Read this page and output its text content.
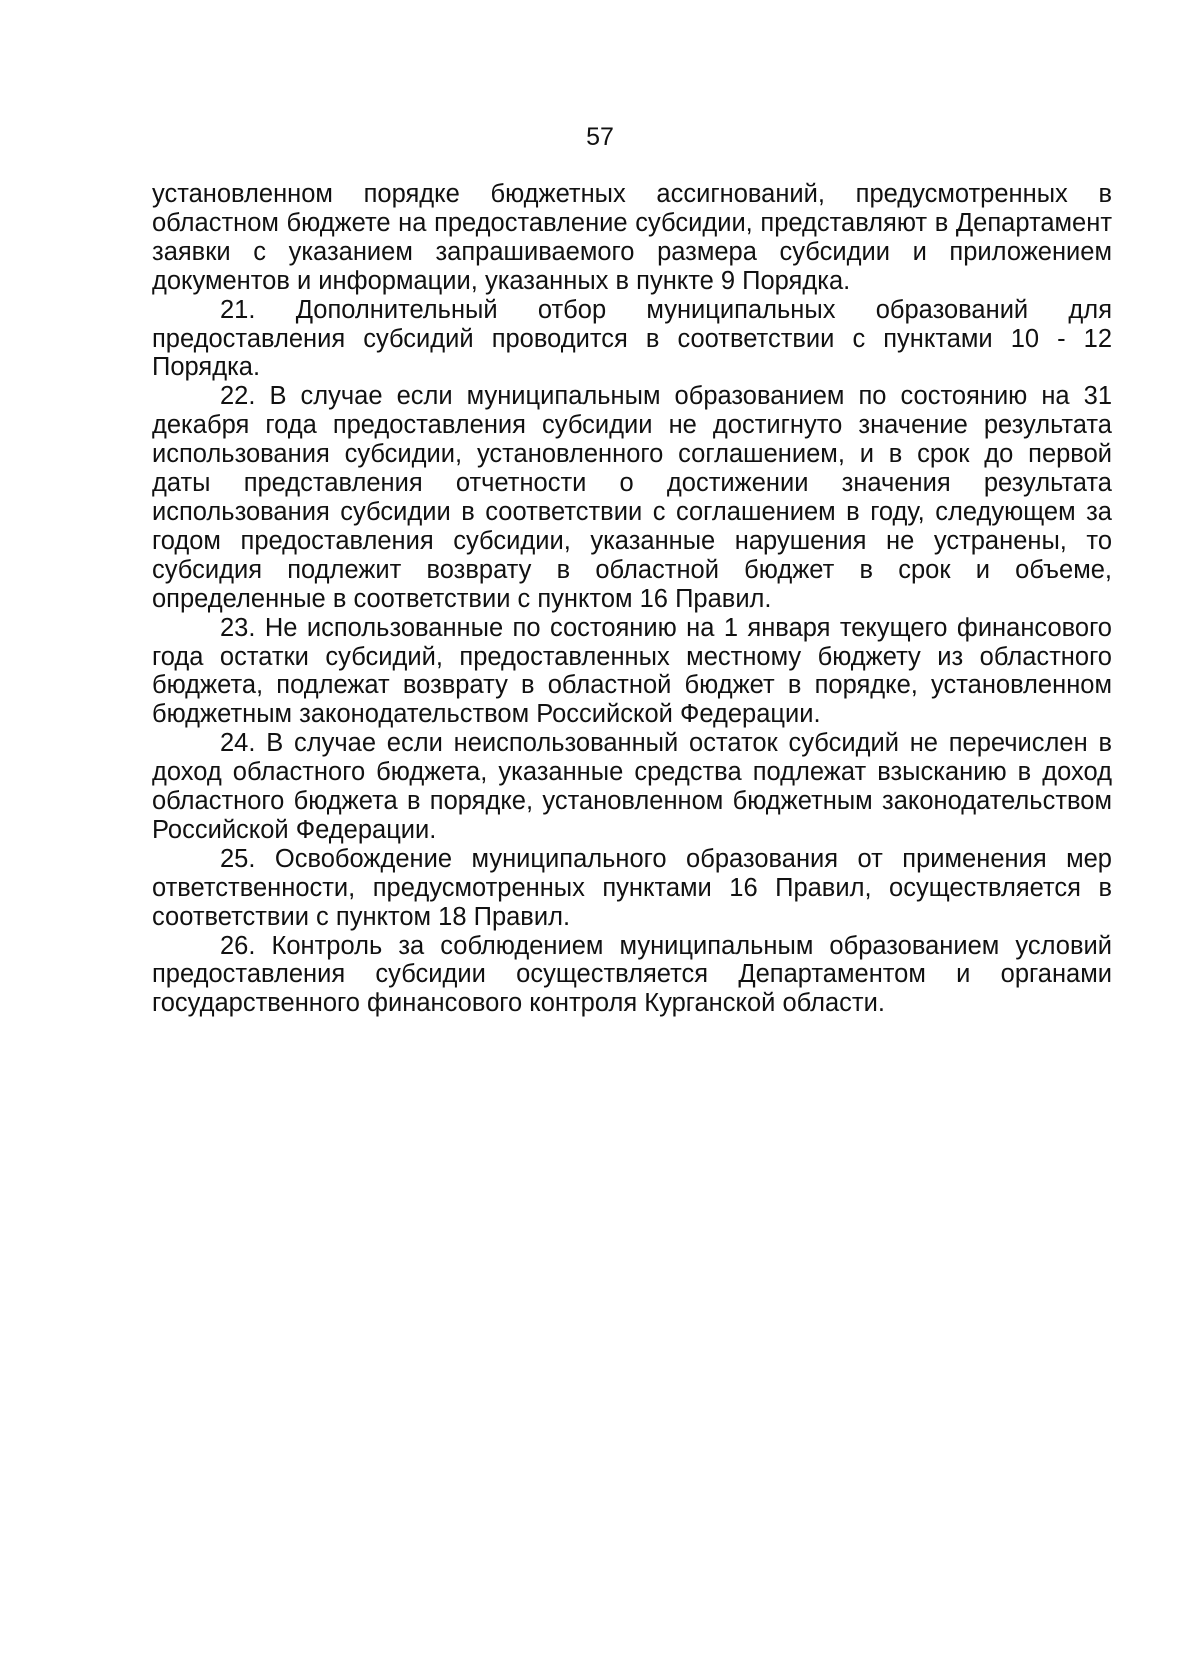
57

установленном порядке бюджетных ассигнований, предусмотренных в областном бюджете на предоставление субсидии, представляют в Департамент заявки с указанием запрашиваемого размера субсидии и приложением документов и информации, указанных в пункте 9 Порядка.

21. Дополнительный отбор муниципальных образований для предоставления субсидий проводится в соответствии с пунктами 10 - 12 Порядка.

22. В случае если муниципальным образованием по состоянию на 31 декабря года предоставления субсидии не достигнуто значение результата использования субсидии, установленного соглашением, и в срок до первой даты представления отчетности о достижении значения результата использования субсидии в соответствии с соглашением в году, следующем за годом предоставления субсидии, указанные нарушения не устранены, то субсидия подлежит возврату в областной бюджет в срок и объеме, определенные в соответствии с пунктом 16 Правил.

23. Не использованные по состоянию на 1 января текущего финансового года остатки субсидий, предоставленных местному бюджету из областного бюджета, подлежат возврату в областной бюджет в порядке, установленном бюджетным законодательством Российской Федерации.

24. В случае если неиспользованный остаток субсидий не перечислен в доход областного бюджета, указанные средства подлежат взысканию в доход областного бюджета в порядке, установленном бюджетным законодательством Российской Федерации.

25. Освобождение муниципального образования от применения мер ответственности, предусмотренных пунктами 16 Правил, осуществляется в соответствии с пунктом 18 Правил.

26. Контроль за соблюдением муниципальным образованием условий предоставления субсидии осуществляется Департаментом и органами государственного финансового контроля Курганской области.
